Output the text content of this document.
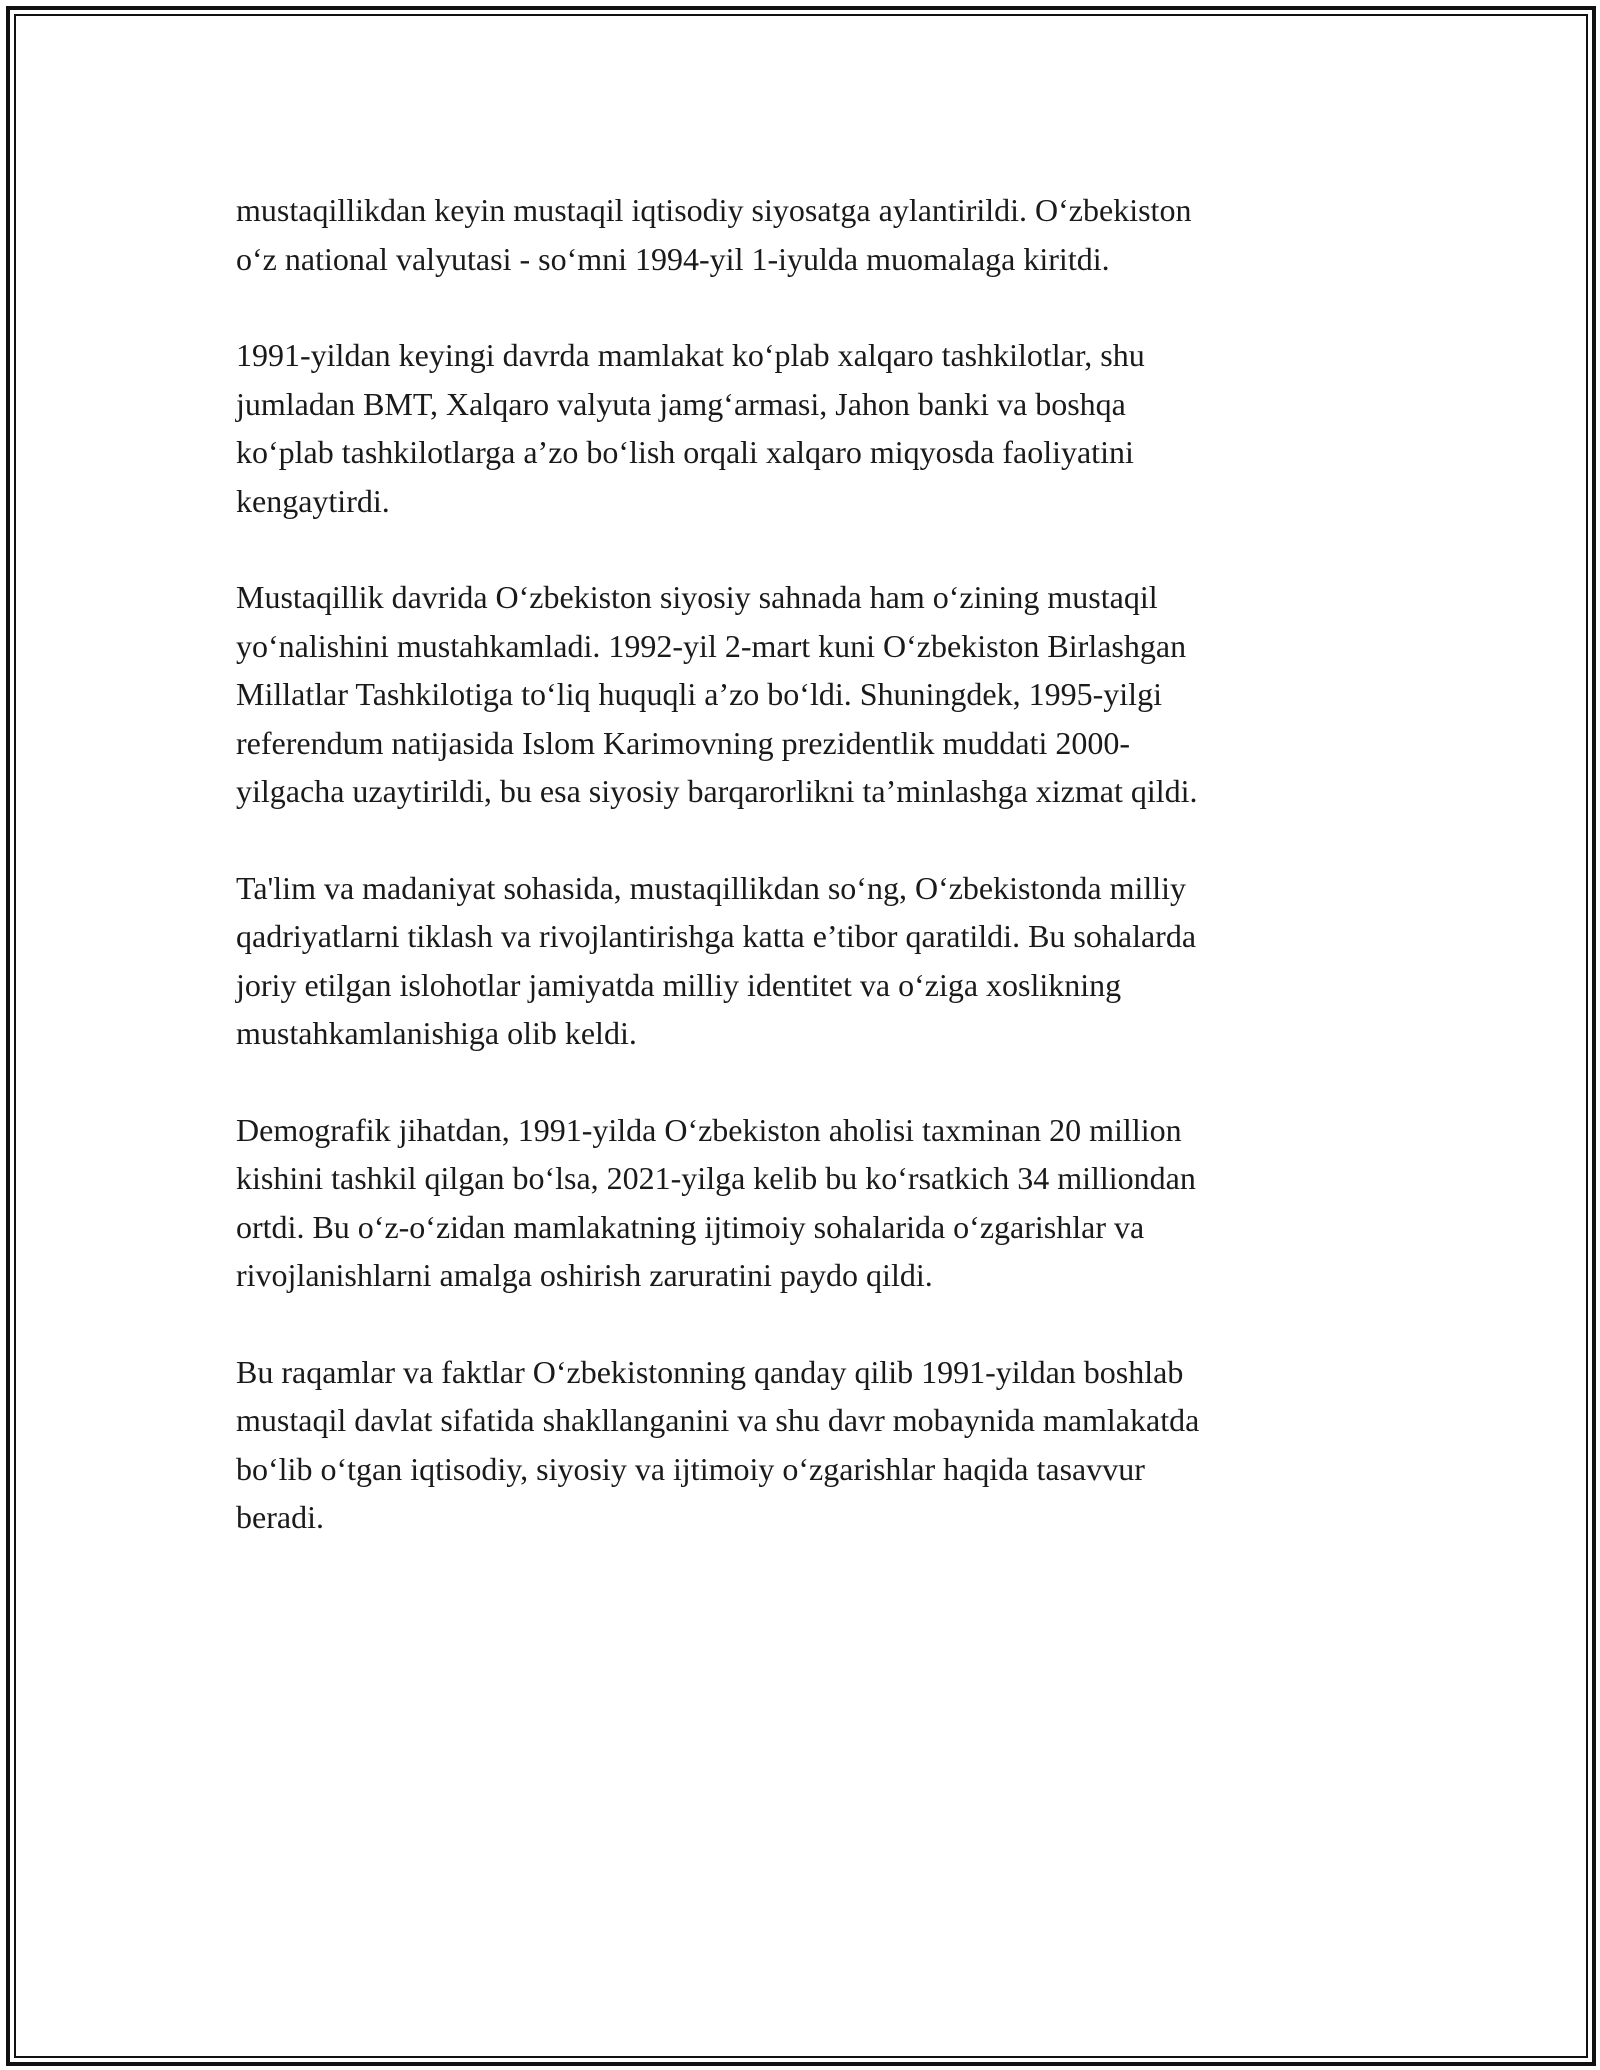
mustaqillikdan keyin mustaqil iqtisodiy siyosatga aylantirildi. O‘zbekiston
o‘z national valyutasi - so‘mni 1994-yil 1-iyulda muomalaga kiritdi.

1991-yildan keyingi davrda mamlakat ko‘plab xalqaro tashkilotlar, shu
jumladan BMT, Xalqaro valyuta jamg‘armasi, Jahon banki va boshqa
ko‘plab tashkilotlarga a’zo bo‘lish orqali xalqaro miqyosda faoliyatini
kengaytirdi.

Mustaqillik davrida O‘zbekiston siyosiy sahnada ham o‘zining mustaqil
yo‘nalishini mustahkamladi. 1992-yil 2-mart kuni O‘zbekiston Birlashgan
Millatlar Tashkilotiga to‘liq huquqli a’zo bo‘ldi. Shuningdek, 1995-yilgi
referendum natijasida Islom Karimovning prezidentlik muddati 2000-
yilgacha uzaytirildi, bu esa siyosiy barqarorlikni ta’minlashga xizmat qildi.

Ta'lim va madaniyat sohasida, mustaqillikdan so‘ng, O‘zbekistonda milliy
qadriyatlarni tiklash va rivojlantirishga katta e’tibor qaratildi. Bu sohalarda
joriy etilgan islohotlar jamiyatda milliy identitet va o‘ziga xoslikning
mustahkamlanishiga olib keldi.

Demografik jihatdan, 1991-yilda O‘zbekiston aholisi taxminan 20 million
kishini tashkil qilgan bo‘lsa, 2021-yilga kelib bu ko‘rsatkich 34 milliondan
ortdi. Bu o‘z-o‘zidan mamlakatning ijtimoiy sohalarida o‘zgarishlar va
rivojlanishlarni amalga oshirish zaruratini paydo qildi.

Bu raqamlar va faktlar O‘zbekistonning qanday qilib 1991-yildan boshlab
mustaqil davlat sifatida shakllanganini va shu davr mobaynida mamlakatda
bo‘lib o‘tgan iqtisodiy, siyosiy va ijtimoiy o‘zgarishlar haqida tasavvur
beradi.
